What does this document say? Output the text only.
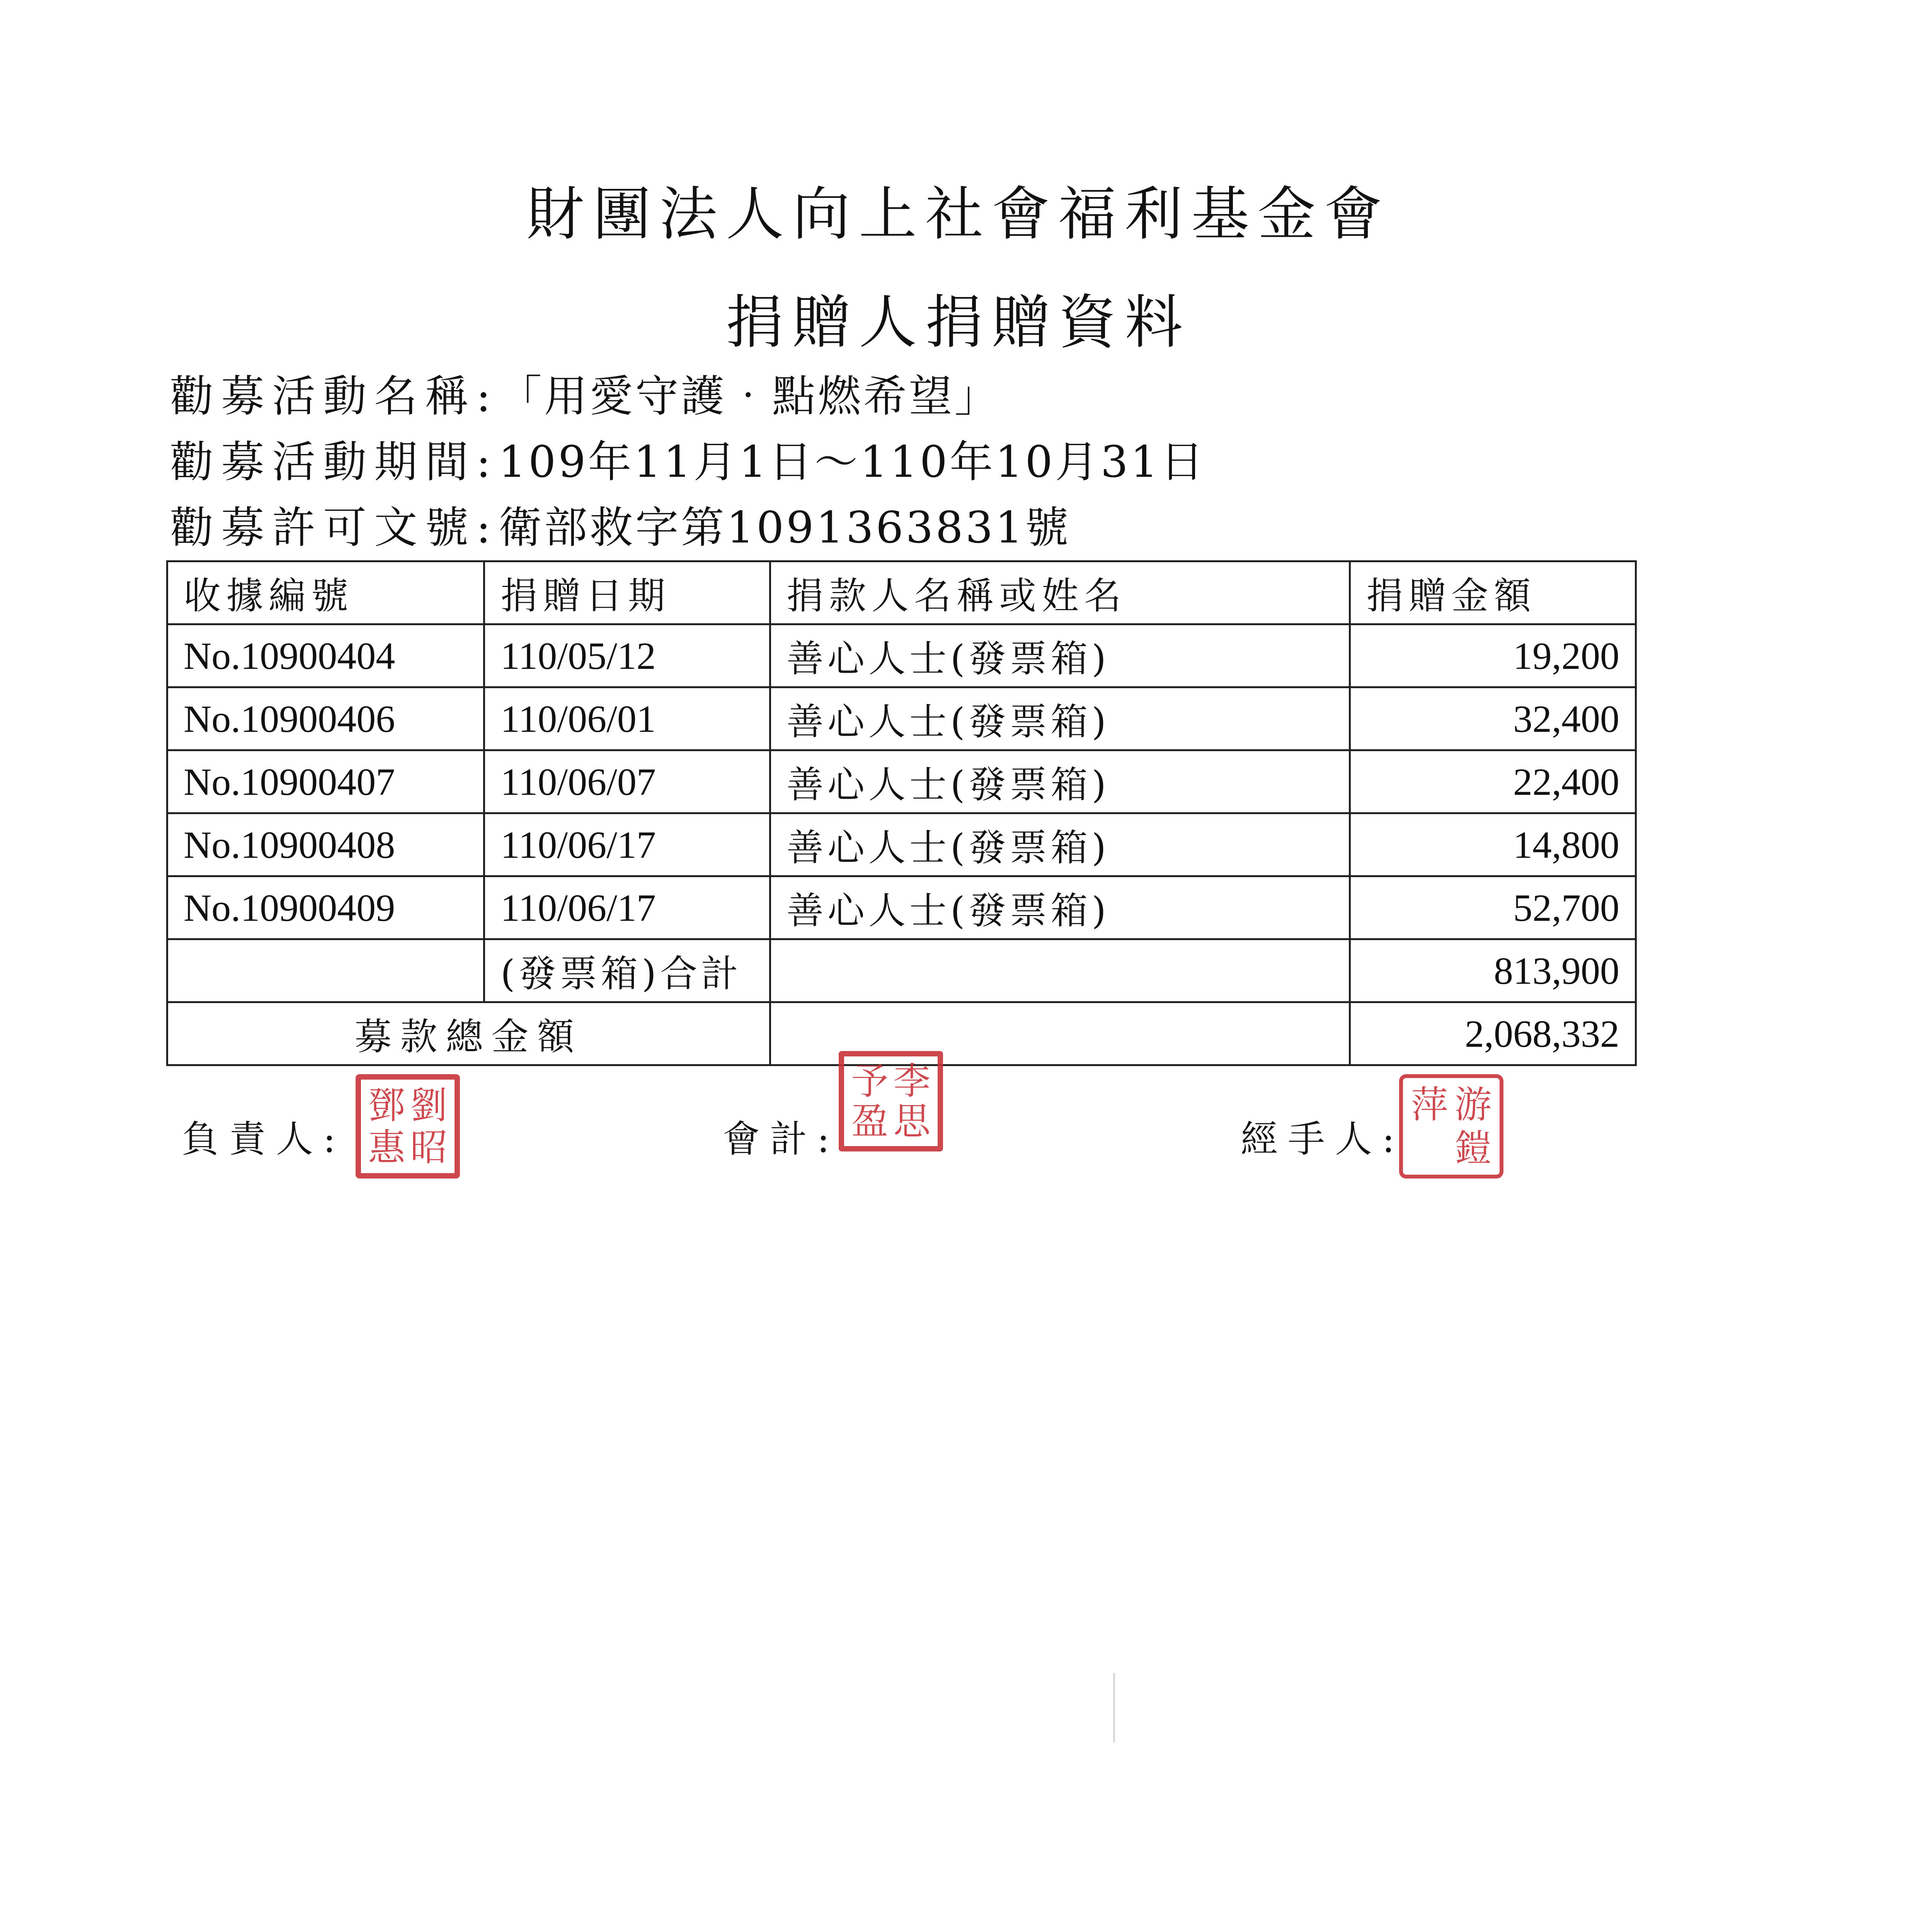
財團法人向上社會福利基金會
捐贈人捐贈資料
勸募活動名稱:「用愛守護‧點燃希望」
勸募活動期間:109年11月1日～110年10月31日
勸募許可文號:衛部救字第1091363831號
收據編號	捐贈日期	捐款人名稱或姓名	捐贈金額
No.10900404	110/05/12	善心人士(發票箱)	19,200
No.10900406	110/06/01	善心人士(發票箱)	32,400
No.10900407	110/06/07	善心人士(發票箱)	22,400
No.10900408	110/06/17	善心人士(發票箱)	14,800
No.10900409	110/06/17	善心人士(發票箱)	52,700
	(發票箱)合計		813,900
募款總金額			2,068,332
負責人:
劉
昭
鄧
惠	會計:
李
思
予
盈	經手人:
游
鎧
萍
